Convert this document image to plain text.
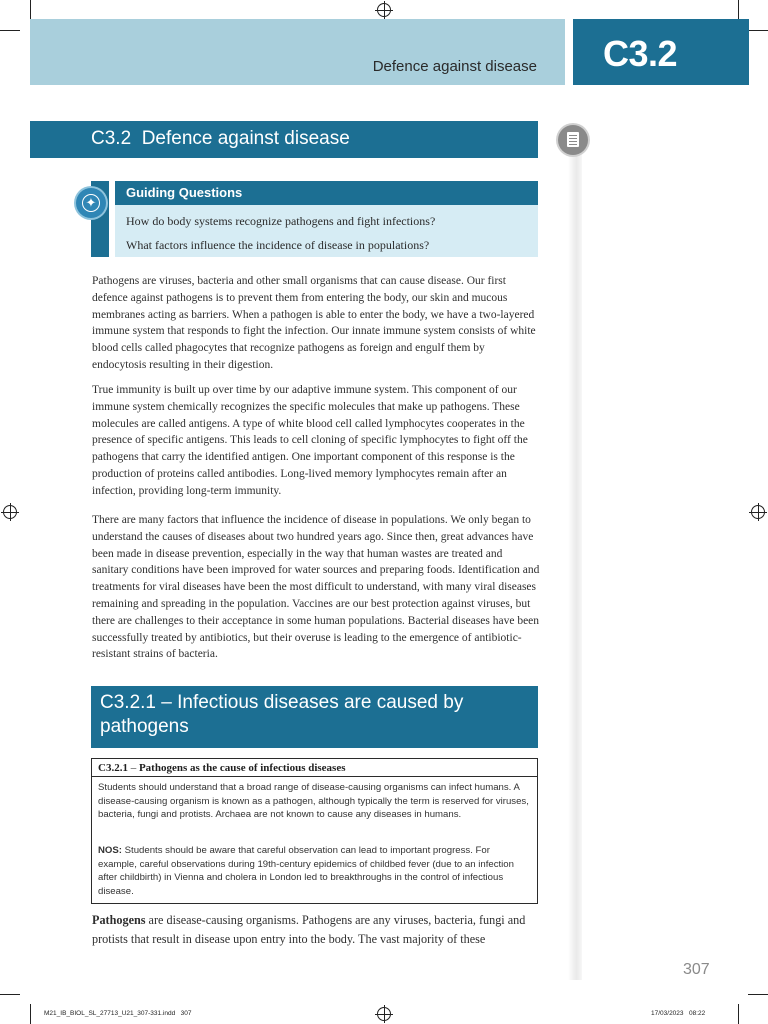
Defence against disease C3.2
C3.2  Defence against disease
Guiding Questions
How do body systems recognize pathogens and fight infections?
What factors influence the incidence of disease in populations?
✦

Pathogens are viruses, bacteria and other small organisms that can cause disease. Our first defence against pathogens is to prevent them from entering the body, our skin and mucous membranes acting as barriers. When a pathogen is able to enter the body, we have a two-layered immune system that responds to fight the infection. Our innate immune system consists of white blood cells called phagocytes that recognize pathogens as foreign and engulf them by endocytosis resulting in their digestion.

True immunity is built up over time by our adaptive immune system. This component of our immune system chemically recognizes the specific molecules that make up pathogens. These molecules are called antigens. A type of white blood cell called lymphocytes cooperates in the presence of specific antigens. This leads to cell cloning of specific lymphocytes to fight off the pathogens that carry the identified antigen. One important component of this response is the production of proteins called antibodies. Long-lived memory lymphocytes remain after an infection, providing long-term immunity.

There are many factors that influence the incidence of disease in populations. We only began to understand the causes of diseases about two hundred years ago. Since then, great advances have been made in disease prevention, especially in the way that human wastes are treated and sanitary conditions have been improved for water sources and preparing foods. Identification and treatments for viral diseases have been the most difficult to understand, with many viral diseases remaining and spreading in the population. Vaccines are our best protection against viruses, but there are challenges to their acceptance in some human populations. Bacterial diseases have been successfully treated by antibiotics, but their overuse is leading to the emergence of antibiotic-resistant strains of bacteria.

C3.2.1 – Infectious diseases are caused by pathogens
C3.2.1 – Pathogens as the cause of infectious diseases

Students should understand that a broad range of disease-causing organisms can infect humans. A disease-causing organism is known as a pathogen, although typically the term is reserved for viruses, bacteria, fungi and protists. Archaea are not known to cause any diseases in humans.

NOS: Students should be aware that careful observation can lead to important progress. For example, careful observations during 19th-century epidemics of childbed fever (due to an infection after childbirth) in Vienna and cholera in London led to breakthroughs in the control of infectious disease.

Pathogens are disease-causing organisms. Pathogens are any viruses, bacteria, fungi and protists that result in disease upon entry into the body. The vast majority of these

307
M21_IB_BIOL_SL_27713_U21_307-331.indd   307	17/03/2023   08:22
